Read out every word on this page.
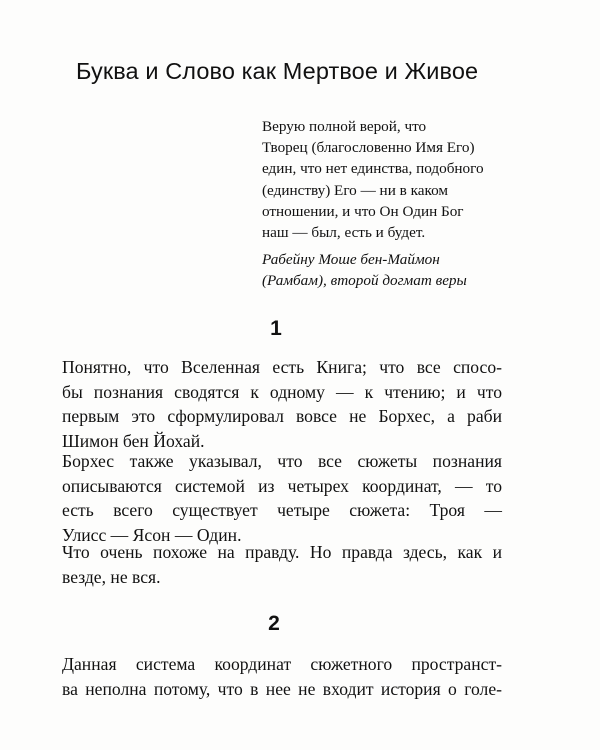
Буква и Слово как Мертвое и Живое
Верую полной верой, что
Творец (благословенно Имя Его)
един, что нет единства, подобного
(единству) Его — ни в каком
отношении, и что Он Один Бог
наш — был, есть и будет.
Рабейну Моше бен-Маймон
(Рамбам), второй догмат веры
1
Понятно, что Вселенная есть Книга; что все спосо-
бы познания сводятся к одному — к чтению; и что
первым это сформулировал вовсе не Борхес, а раби
Шимон бен Йохай.
Борхес также указывал, что все сюжеты познания
описываются системой из четырех координат, — то
есть всего существует четыре сюжета: Троя —
Улисс — Ясон — Один.
Что очень похоже на правду. Но правда здесь, как и
везде, не вся.
2
Данная система координат сюжетного пространст-
ва неполна потому, что в нее не входит история о голе-
